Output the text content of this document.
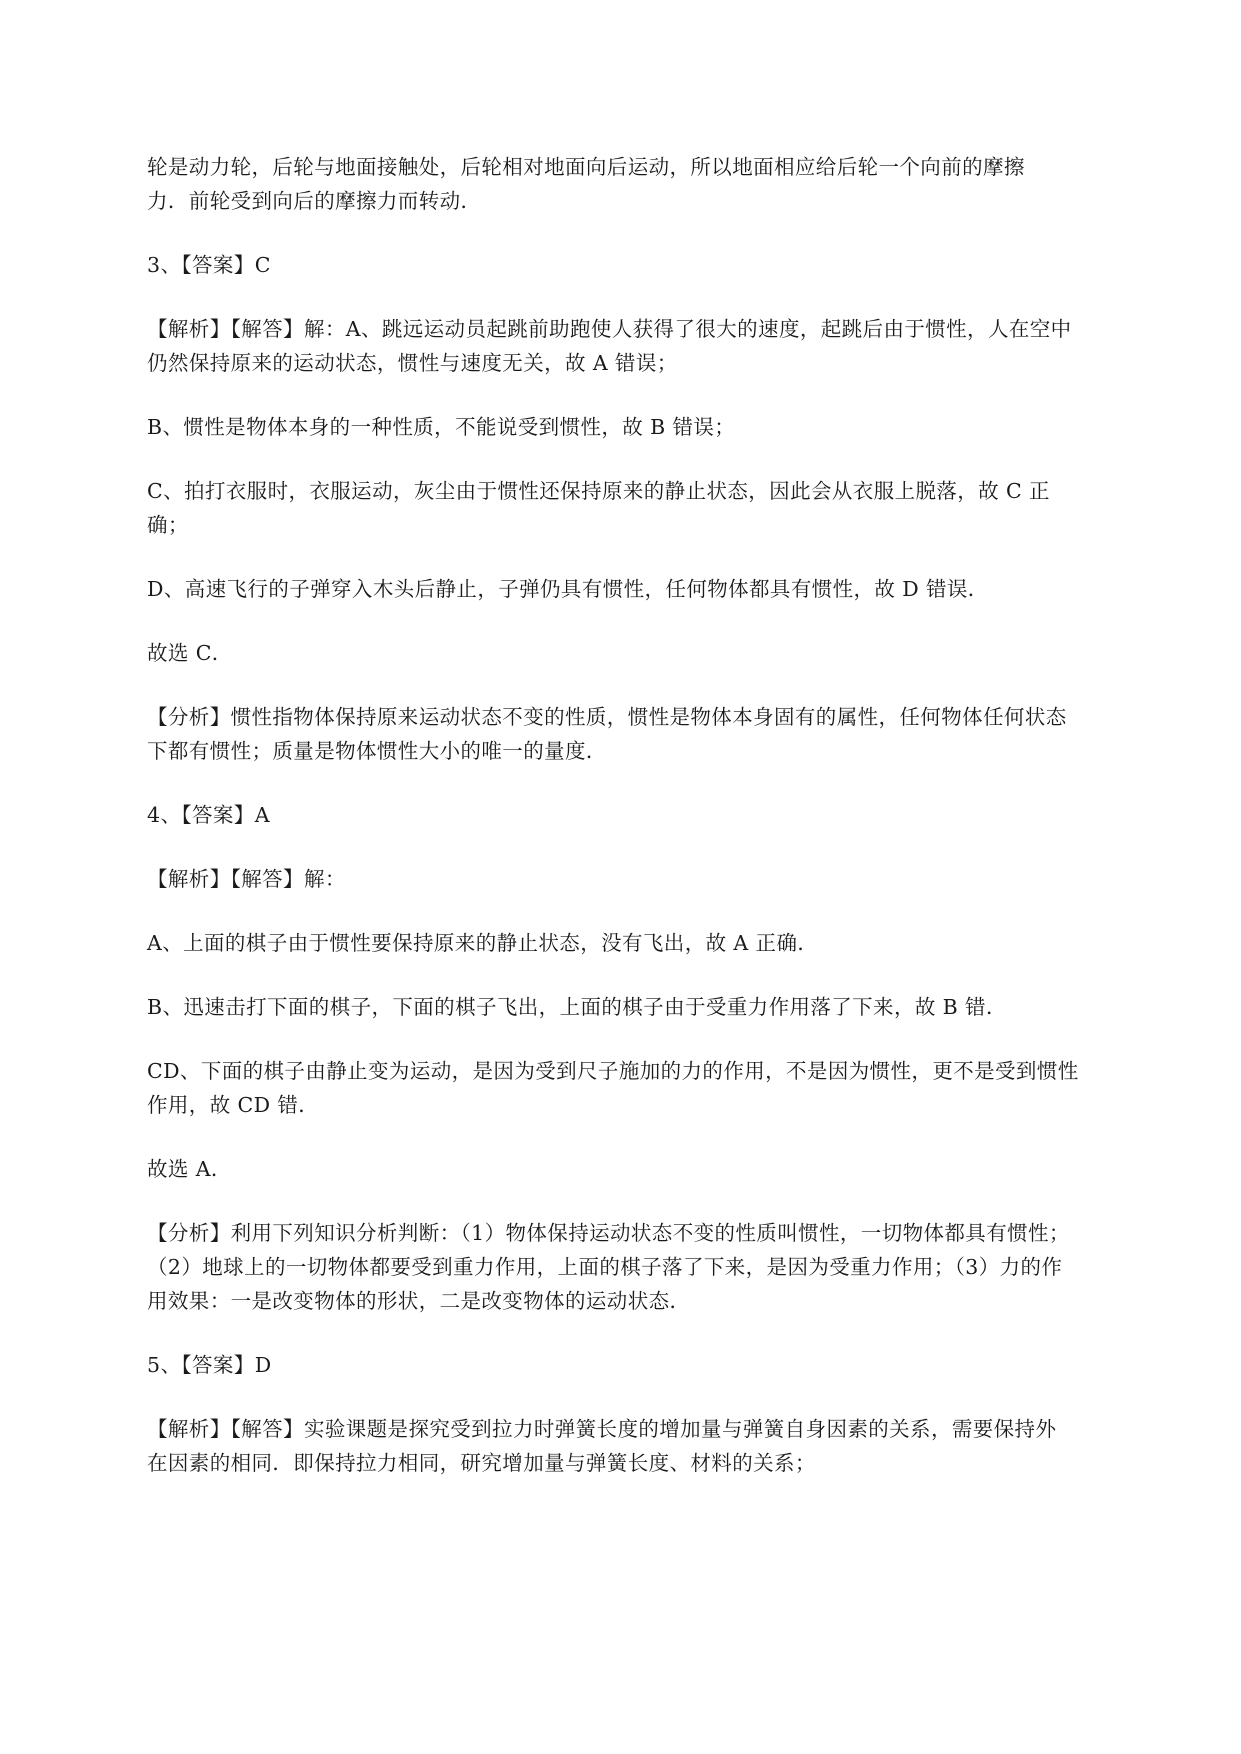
轮是动力轮，后轮与地面接触处，后轮相对地面向后运动，所以地面相应给后轮一个向前的摩擦
力．前轮受到向后的摩擦力而转动．
3、【答案】C
【解析】【解答】解：A、跳远运动员起跳前助跑使人获得了很大的速度，起跳后由于惯性，人在空中
仍然保持原来的运动状态，惯性与速度无关，故 A 错误；
B、惯性是物体本身的一种性质，不能说受到惯性，故 B 错误；
C、拍打衣服时，衣服运动，灰尘由于惯性还保持原来的静止状态，因此会从衣服上脱落，故 C 正
确；
D、高速飞行的子弹穿入木头后静止，子弹仍具有惯性，任何物体都具有惯性，故 D 错误．
故选 C．
【分析】惯性指物体保持原来运动状态不变的性质，惯性是物体本身固有的属性，任何物体任何状态
下都有惯性；质量是物体惯性大小的唯一的量度．
4、【答案】A
【解析】【解答】解：
A、上面的棋子由于惯性要保持原来的静止状态，没有飞出，故 A 正确．
B、迅速击打下面的棋子，下面的棋子飞出，上面的棋子由于受重力作用落了下来，故 B 错．
CD、下面的棋子由静止变为运动，是因为受到尺子施加的力的作用，不是因为惯性，更不是受到惯性
作用，故 CD 错．
故选 A．
【分析】利用下列知识分析判断：（1）物体保持运动状态不变的性质叫惯性，一切物体都具有惯性；
（2）地球上的一切物体都要受到重力作用，上面的棋子落了下来，是因为受重力作用；（3）力的作
用效果：一是改变物体的形状，二是改变物体的运动状态．
5、【答案】D
【解析】【解答】实验课题是探究受到拉力时弹簧长度的增加量与弹簧自身因素的关系，需要保持外
在因素的相同．即保持拉力相同，研究增加量与弹簧长度、材料的关系；
